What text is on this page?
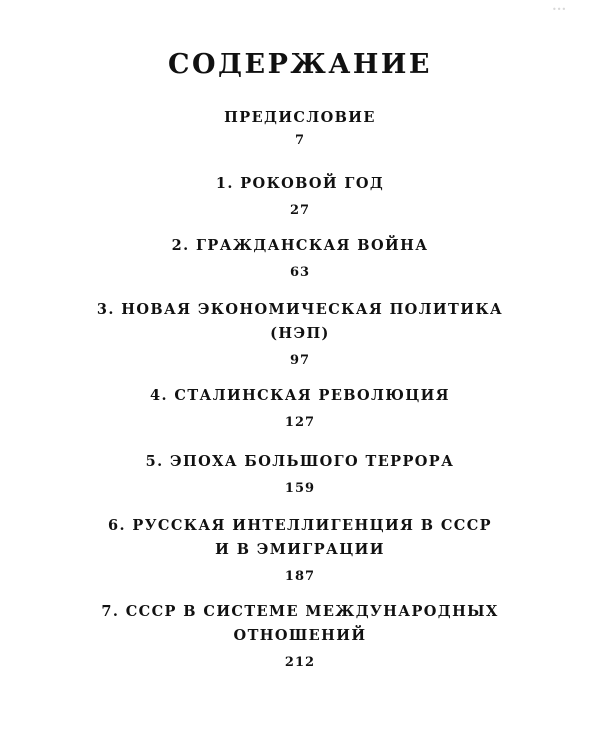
•••
СОДЕРЖАНИЕ
ПРЕДИСЛОВИЕ
7
1. РОКОВОЙ ГОД
27
2. ГРАЖДАНСКАЯ ВОЙНА
63
3. НОВАЯ ЭКОНОМИЧЕСКАЯ ПОЛИТИКА
(НЭП)
97
4. СТАЛИНСКАЯ РЕВОЛЮЦИЯ
127
5. ЭПОХА БОЛЬШОГО ТЕРРОРА
159
6. РУССКАЯ ИНТЕЛЛИГЕНЦИЯ В СССР
И В ЭМИГРАЦИИ
187
7. СССР В СИСТЕМЕ МЕЖДУНАРОДНЫХ
ОТНОШЕНИЙ
212
